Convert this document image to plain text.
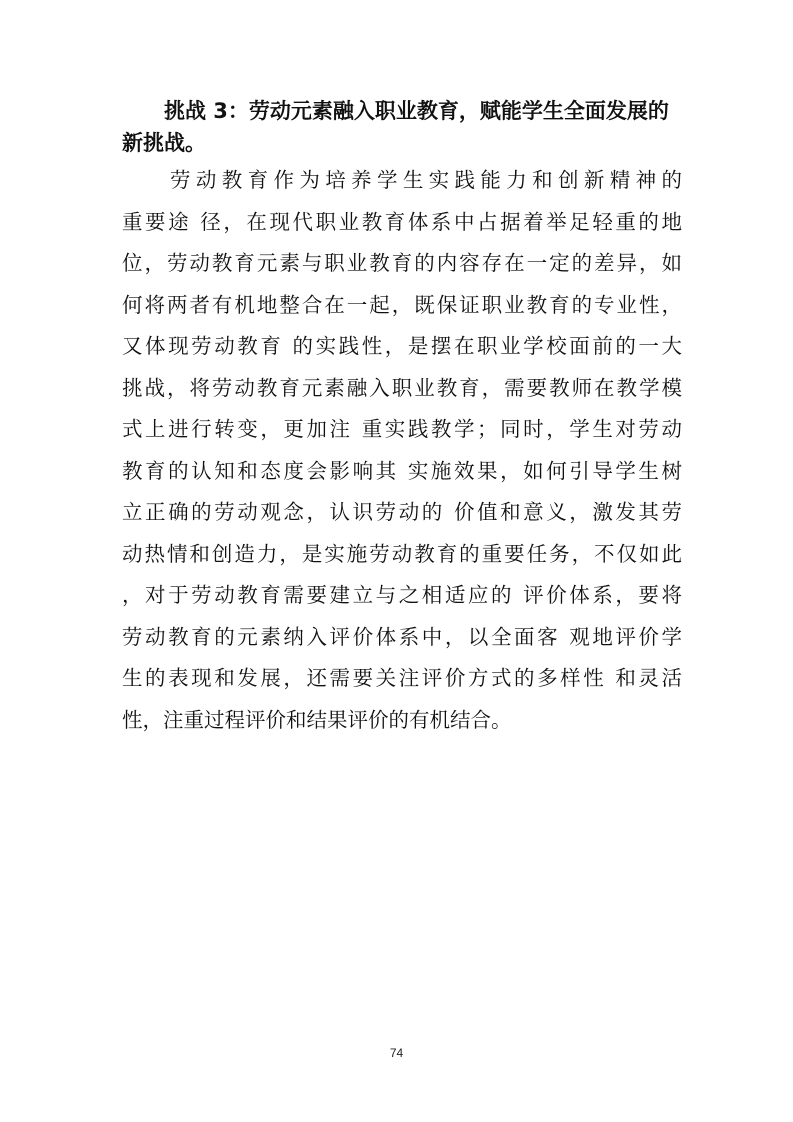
挑战 3：劳动元素融入职业教育，赋能学生全面发展的
新挑战。
劳动教育作为培养学生实践能力和创新精神的
重要途 径，在现代职业教育体系中占据着举足轻重的地
位，劳动教育元素与职业教育的内容存在一定的差异，如
何将两者有机地整合在一起，既保证职业教育的专业性，
又体现劳动教育 的实践性，是摆在职业学校面前的一大
挑战，将劳动教育元素融入职业教育，需要教师在教学模
式上进行转变，更加注 重实践教学；同时，学生对劳动
教育的认知和态度会影响其 实施效果，如何引导学生树
立正确的劳动观念，认识劳动的 价值和意义，激发其劳
动热情和创造力，是实施劳动教育的重要任务，不仅如此
，对于劳动教育需要建立与之相适应的 评价体系，要将
劳动教育的元素纳入评价体系中，以全面客 观地评价学
生的表现和发展，还需要关注评价方式的多样性 和灵活
性，注重过程评价和结果评价的有机结合。
74
